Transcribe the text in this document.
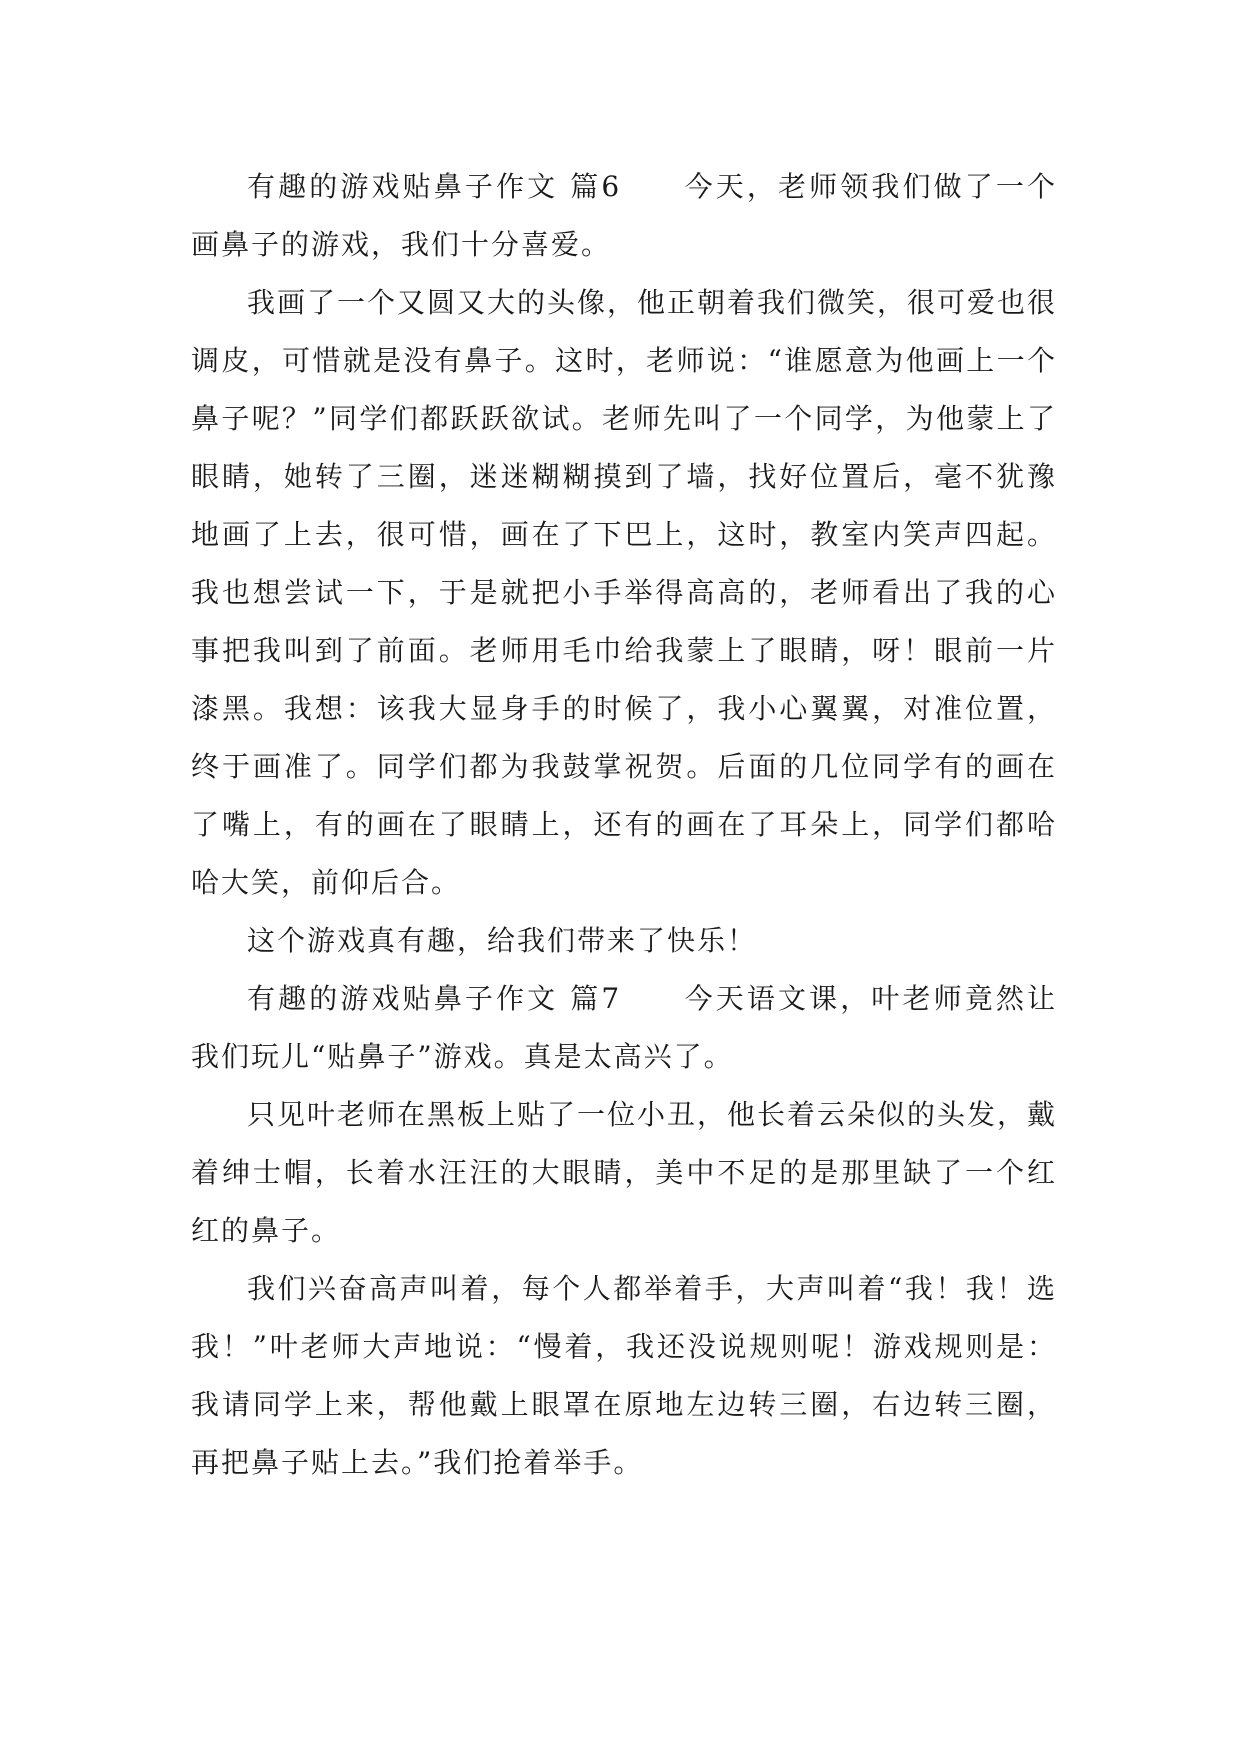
有趣的游戏贴鼻子作文 篇6　　今天，老师领我们做了一个画鼻子的游戏，我们十分喜爱。

我画了一个又圆又大的头像，他正朝着我们微笑，很可爱也很调皮，可惜就是没有鼻子。这时，老师说：“谁愿意为他画上一个鼻子呢？”同学们都跃跃欲试。老师先叫了一个同学，为他蒙上了眼睛，她转了三圈，迷迷糊糊摸到了墙，找好位置后，毫不犹豫地画了上去，很可惜，画在了下巴上，这时，教室内笑声四起。我也想尝试一下，于是就把小手举得高高的，老师看出了我的心事把我叫到了前面。老师用毛巾给我蒙上了眼睛，呀！眼前一片漆黑。我想：该我大显身手的时候了，我小心翼翼，对准位置，终于画准了。同学们都为我鼓掌祝贺。后面的几位同学有的画在了嘴上，有的画在了眼睛上，还有的画在了耳朵上，同学们都哈哈大笑，前仰后合。

这个游戏真有趣，给我们带来了快乐！

有趣的游戏贴鼻子作文 篇7　　今天语文课，叶老师竟然让我们玩儿“贴鼻子”游戏。真是太高兴了。

只见叶老师在黑板上贴了一位小丑，他长着云朵似的头发，戴着绅士帽，长着水汪汪的大眼睛，美中不足的是那里缺了一个红红的鼻子。

我们兴奋高声叫着，每个人都举着手，大声叫着“我！我！选我！”叶老师大声地说：“慢着，我还没说规则呢！游戏规则是：我请同学上来，帮他戴上眼罩在原地左边转三圈，右边转三圈，再把鼻子贴上去。”我们抢着举手。
